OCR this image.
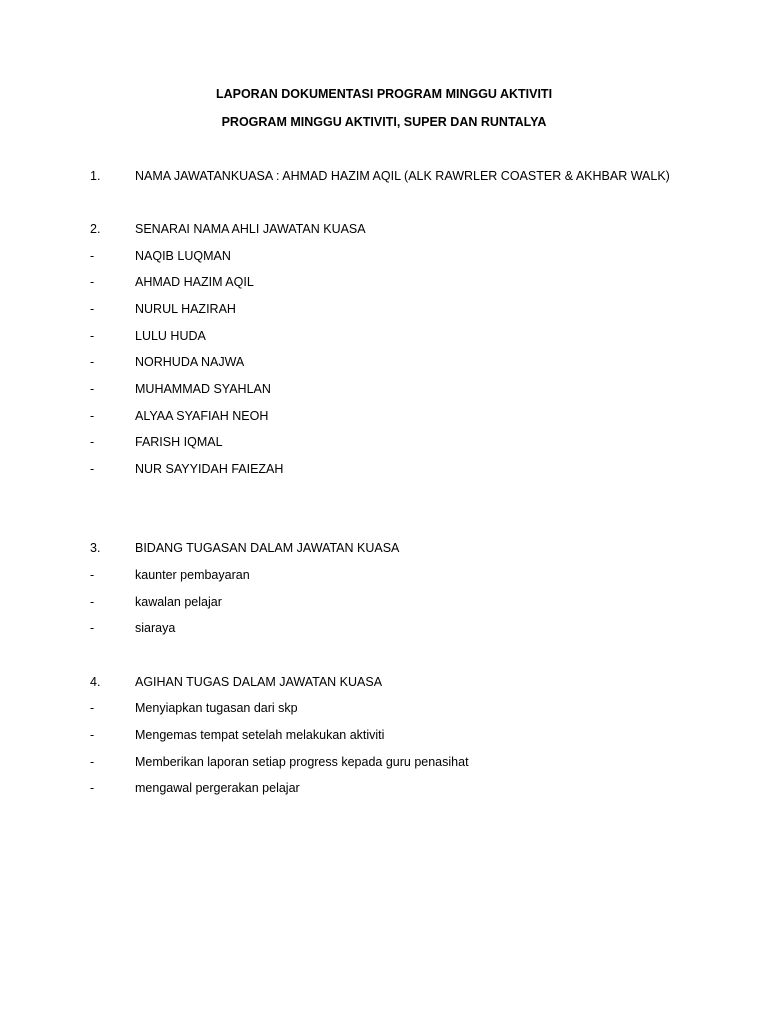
LAPORAN DOKUMENTASI PROGRAM MINGGU AKTIVITI
PROGRAM MINGGU AKTIVITI, SUPER DAN RUNTALYA
1.	NAMA JAWATANKUASA : AHMAD HAZIM AQIL (ALK RAWRLER COASTER & AKHBAR WALK)
2.	SENARAI NAMA AHLI JAWATAN KUASA
-	NAQIB LUQMAN
-	AHMAD HAZIM AQIL
-	NURUL HAZIRAH
-	LULU HUDA
-	NORHUDA NAJWA
-	MUHAMMAD SYAHLAN
-	ALYAA SYAFIAH NEOH
-	FARISH IQMAL
-	NUR SAYYIDAH FAIEZAH
3.	BIDANG TUGASAN DALAM JAWATAN KUASA
-	kaunter pembayaran
-	kawalan pelajar
-	siaraya
4.	AGIHAN TUGAS DALAM JAWATAN KUASA
-	Menyiapkan tugasan dari skp
-	Mengemas tempat setelah melakukan aktiviti
-	Memberikan laporan setiap progress kepada guru penasihat
-	mengawal pergerakan pelajar
